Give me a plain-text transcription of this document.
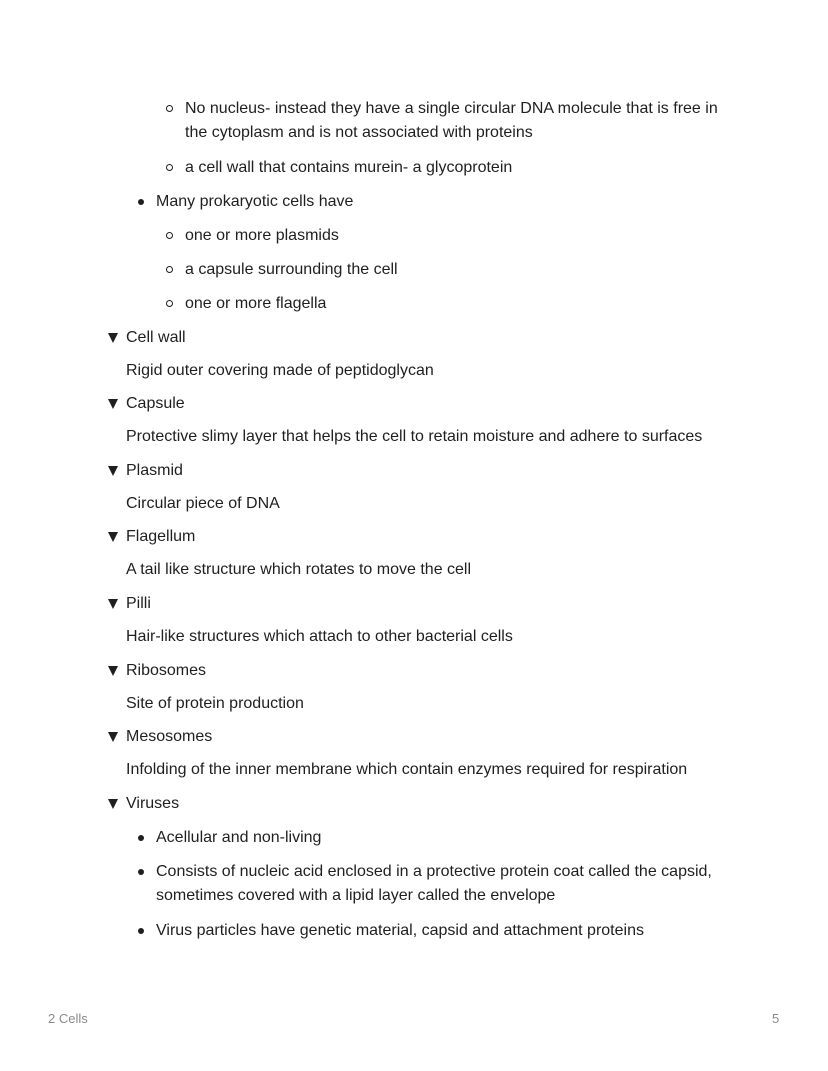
No nucleus- instead they have a single circular DNA molecule that is free in
the cytoplasm and is not associated with proteins
a cell wall that contains murein- a glycoprotein
Many prokaryotic cells have
one or more plasmids
a capsule surrounding the cell
one or more flagella
Cell wall
Rigid outer covering made of peptidoglycan
Capsule
Protective slimy layer that helps the cell to retain moisture and adhere to surfaces
Plasmid
Circular piece of DNA
Flagellum
A tail like structure which rotates to move the cell
Pilli
Hair-like structures which attach to other bacterial cells
Ribosomes
Site of protein production
Mesosomes
Infolding of the inner membrane which contain enzymes required for respiration
Viruses
Acellular and non-living
Consists of nucleic acid enclosed in a protective protein coat called the capsid,
sometimes covered with a lipid layer called the envelope
Virus particles have genetic material, capsid and attachment proteins
2 Cells	5
